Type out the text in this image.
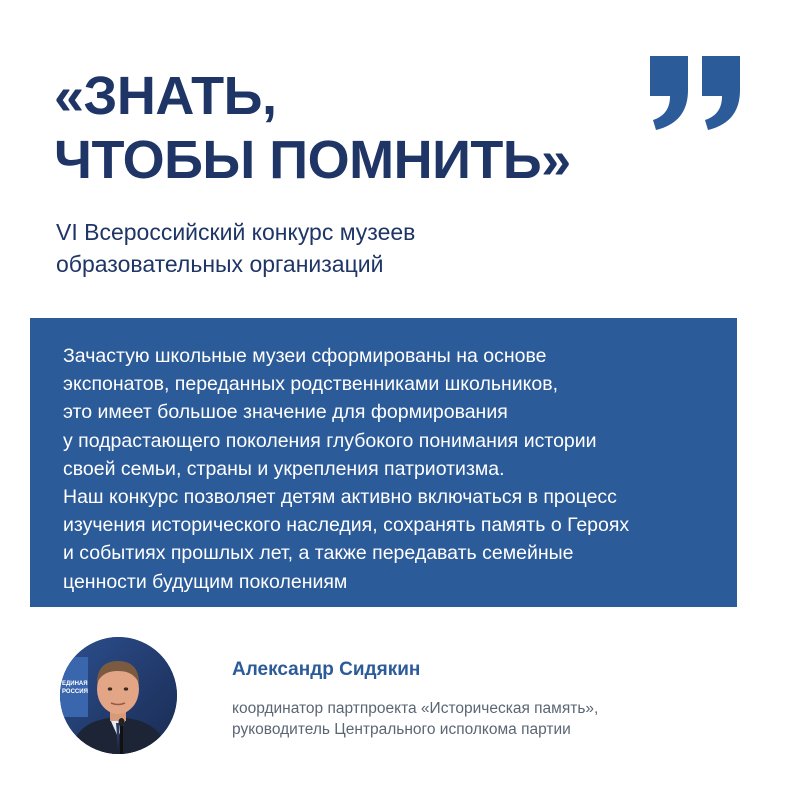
«ЗНАТЬ,
ЧТОБЫ ПОМНИТЬ»

VI Всероссийский конкурс музеев
образовательных организаций

Зачастую школьные музеи сформированы на основе
экспонатов, переданных родственниками школьников,
это имеет большое значение для формирования
у подрастающего поколения глубокого понимания истории
своей семьи, страны и укрепления патриотизма.
Наш конкурс позволяет детям активно включаться в процесс
изучения исторического наследия, сохранять память о Героях
и событиях прошлых лет, а также передавать семейные
ценности будущим поколениям
ЕДИНАЯ
РОССИЯ
Александр Сидякин
координатор партпроекта «Историческая память»,
руководитель Центрального исполкома партии
